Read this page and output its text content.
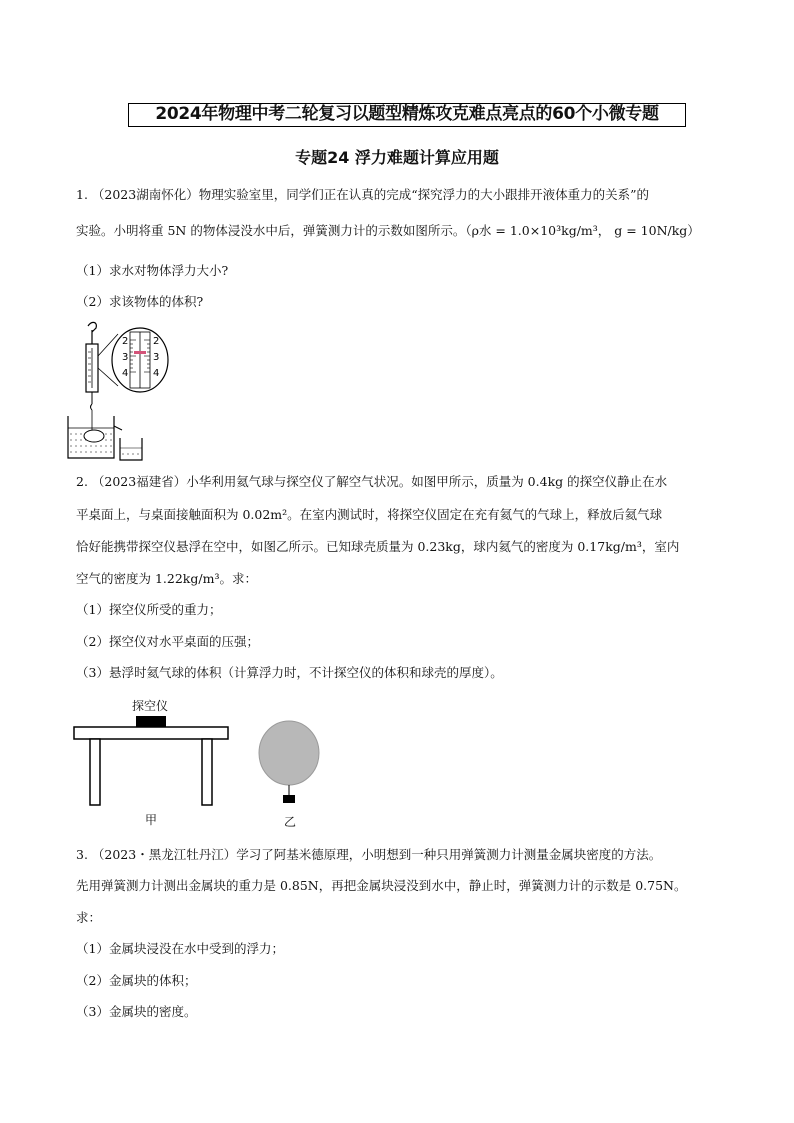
2024年物理中考二轮复习以题型精炼攻克难点亮点的60个小微专题
专题24 浮力难题计算应用题
1. （2023湖南怀化）物理实验室里，同学们正在认真的完成“探究浮力的大小跟排开液体重力的关系”的
实验。小明将重 5N 的物体浸没水中后，弹簧测力计的示数如图所示。（ρ水 = 1.0×10³kg/m³， g = 10N/kg）
（1）求水对物体浮力大小?
（2）求该物体的体积?
2
3
4
2
3
4
2. （2023福建省）小华利用氦气球与探空仪了解空气状况。如图甲所示，质量为 0.4kg 的探空仪静止在水
平桌面上，与桌面接触面积为 0.02m²。在室内测试时，将探空仪固定在充有氦气的气球上，释放后氦气球
恰好能携带探空仪悬浮在空中，如图乙所示。已知球壳质量为 0.23kg，球内氦气的密度为 0.17kg/m³，室内
空气的密度为 1.22kg/m³。求：
（1）探空仪所受的重力；
（2）探空仪对水平桌面的压强；
（3）悬浮时氦气球的体积（计算浮力时，不计探空仪的体积和球壳的厚度）。
探空仪
甲	乙
3. （2023・黑龙江牡丹江）学习了阿基米德原理，小明想到一种只用弹簧测力计测量金属块密度的方法。
先用弹簧测力计测出金属块的重力是 0.85N，再把金属块浸没到水中，静止时，弹簧测力计的示数是 0.75N。
求：
（1）金属块浸没在水中受到的浮力；
（2）金属块的体积；
（3）金属块的密度。
